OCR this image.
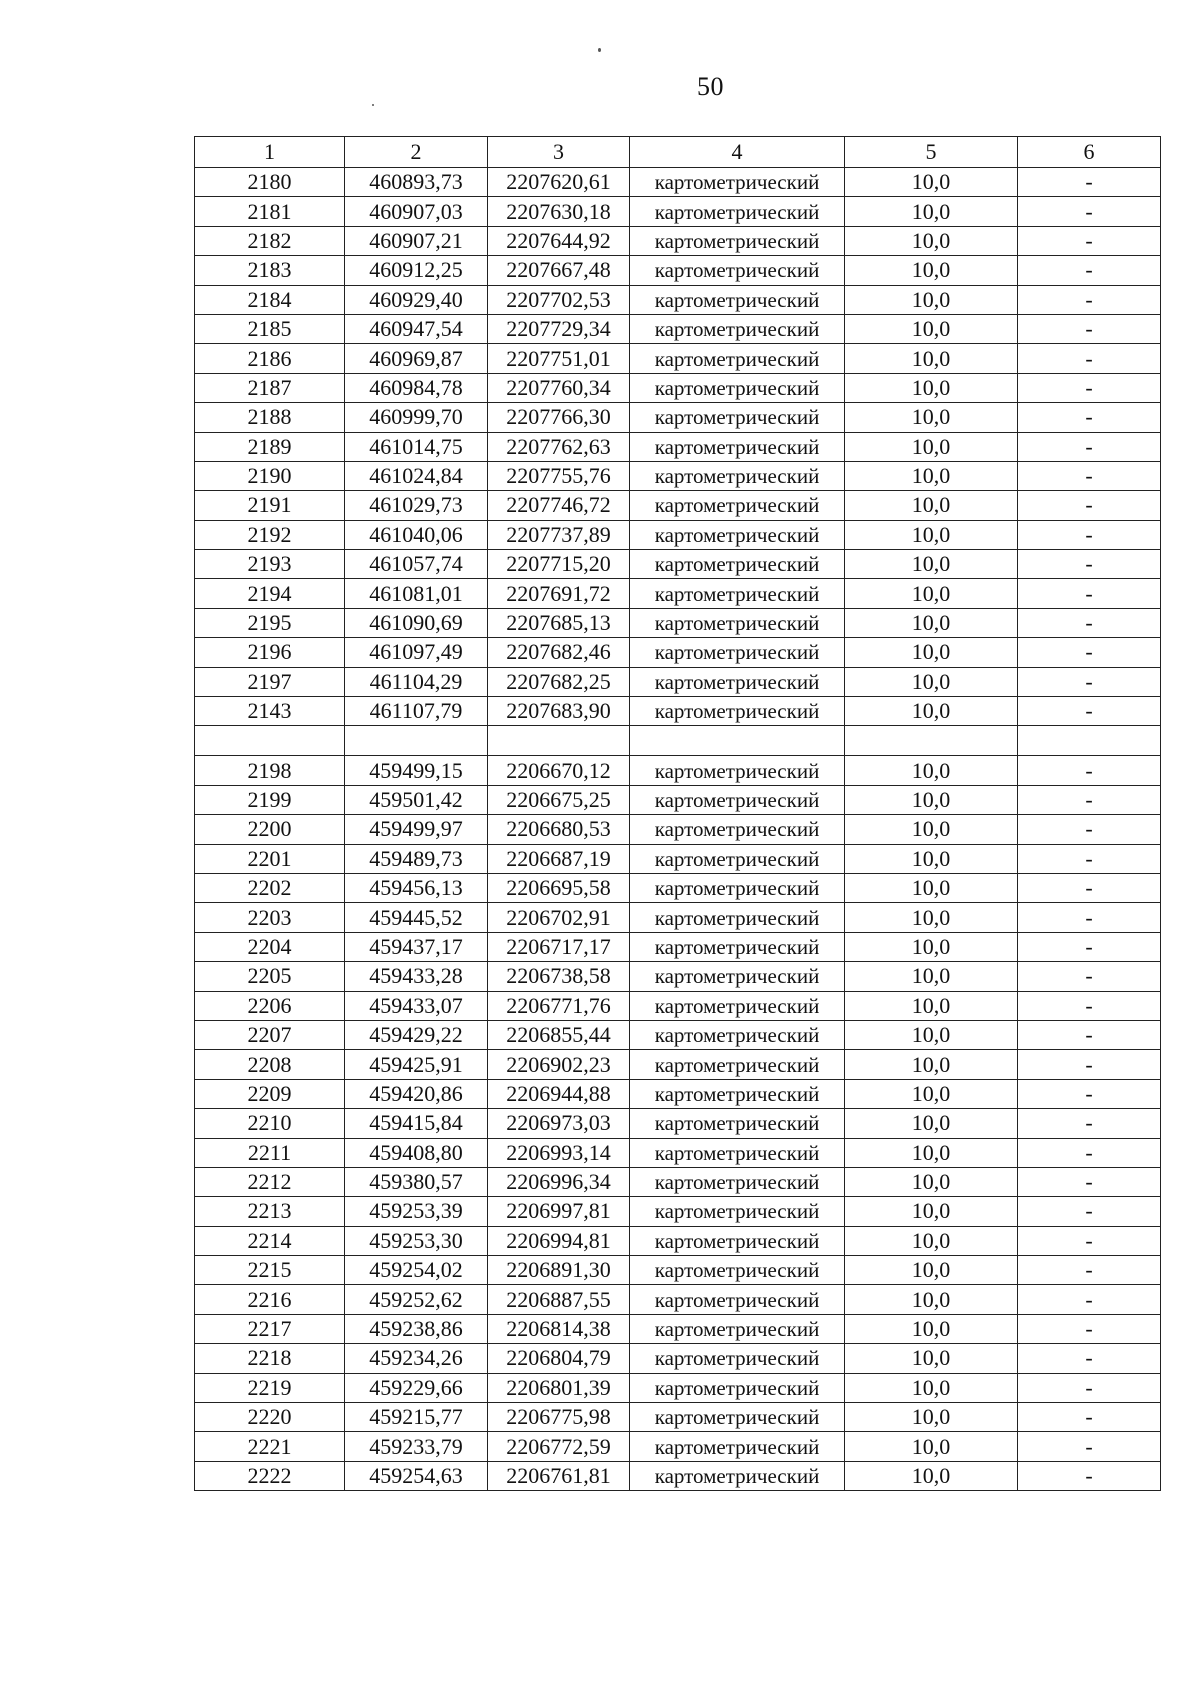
50
1	2	3	4	5	6
2180	460893,73	2207620,61	картометрический	10,0	-
2181	460907,03	2207630,18	картометрический	10,0	-
2182	460907,21	2207644,92	картометрический	10,0	-
2183	460912,25	2207667,48	картометрический	10,0	-
2184	460929,40	2207702,53	картометрический	10,0	-
2185	460947,54	2207729,34	картометрический	10,0	-
2186	460969,87	2207751,01	картометрический	10,0	-
2187	460984,78	2207760,34	картометрический	10,0	-
2188	460999,70	2207766,30	картометрический	10,0	-
2189	461014,75	2207762,63	картометрический	10,0	-
2190	461024,84	2207755,76	картометрический	10,0	-
2191	461029,73	2207746,72	картометрический	10,0	-
2192	461040,06	2207737,89	картометрический	10,0	-
2193	461057,74	2207715,20	картометрический	10,0	-
2194	461081,01	2207691,72	картометрический	10,0	-
2195	461090,69	2207685,13	картометрический	10,0	-
2196	461097,49	2207682,46	картометрический	10,0	-
2197	461104,29	2207682,25	картометрический	10,0	-
2143	461107,79	2207683,90	картометрический	10,0	-

2198	459499,15	2206670,12	картометрический	10,0	-
2199	459501,42	2206675,25	картометрический	10,0	-
2200	459499,97	2206680,53	картометрический	10,0	-
2201	459489,73	2206687,19	картометрический	10,0	-
2202	459456,13	2206695,58	картометрический	10,0	-
2203	459445,52	2206702,91	картометрический	10,0	-
2204	459437,17	2206717,17	картометрический	10,0	-
2205	459433,28	2206738,58	картометрический	10,0	-
2206	459433,07	2206771,76	картометрический	10,0	-
2207	459429,22	2206855,44	картометрический	10,0	-
2208	459425,91	2206902,23	картометрический	10,0	-
2209	459420,86	2206944,88	картометрический	10,0	-
2210	459415,84	2206973,03	картометрический	10,0	-
2211	459408,80	2206993,14	картометрический	10,0	-
2212	459380,57	2206996,34	картометрический	10,0	-
2213	459253,39	2206997,81	картометрический	10,0	-
2214	459253,30	2206994,81	картометрический	10,0	-
2215	459254,02	2206891,30	картометрический	10,0	-
2216	459252,62	2206887,55	картометрический	10,0	-
2217	459238,86	2206814,38	картометрический	10,0	-
2218	459234,26	2206804,79	картометрический	10,0	-
2219	459229,66	2206801,39	картометрический	10,0	-
2220	459215,77	2206775,98	картометрический	10,0	-
2221	459233,79	2206772,59	картометрический	10,0	-
2222	459254,63	2206761,81	картометрический	10,0	-
